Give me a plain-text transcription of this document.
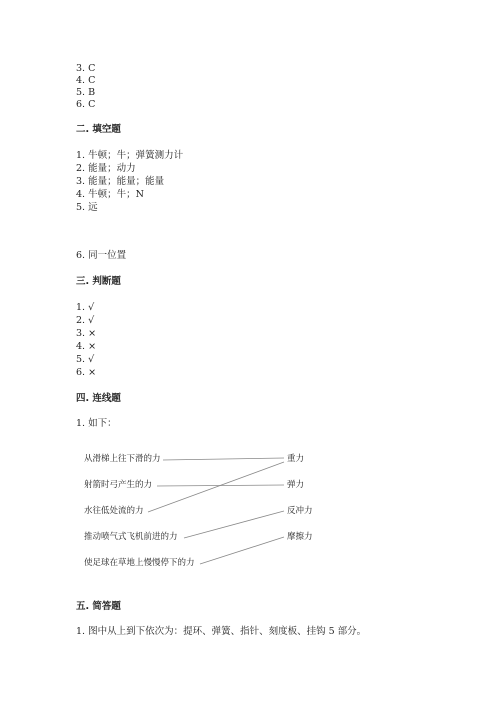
3. C
4. C
5. B
6. C
二. 填空题
1. 牛顿；牛；弹簧测力计
2. 能量；动力
3. 能量；能量；能量
4. 牛顿；牛；N
5. 远
6. 同一位置
三. 判断题
1. √
2. √
3. ×
4. ×
5. √
6. ×
四. 连线题
1. 如下：
从滑梯上往下滑的力
射箭时弓产生的力
水往低处流的力
推动喷气式飞机前进的力
使足球在草地上慢慢停下的力
重力
弹力
反冲力
摩擦力
五. 简答题
1. 图中从上到下依次为：提环、弹簧、指针、刻度板、挂钩 5 部分。
